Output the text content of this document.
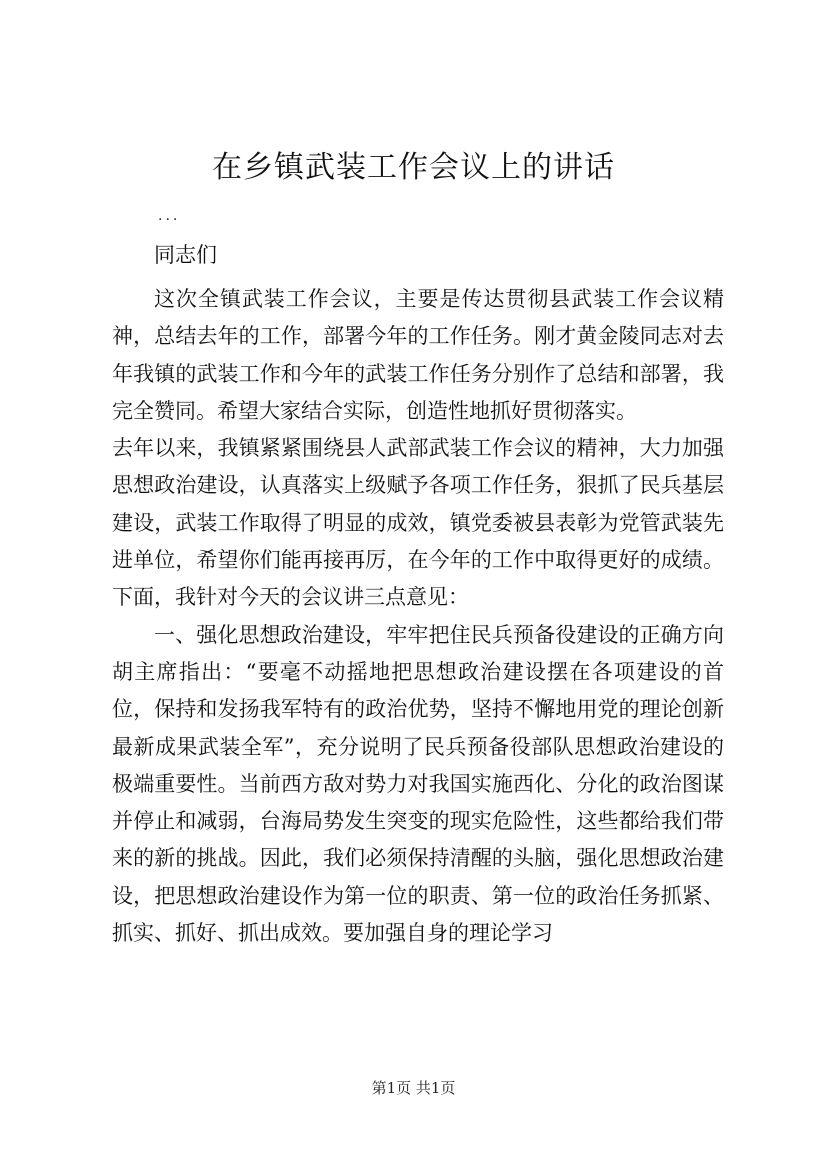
在乡镇武装工作会议上的讲话
...
同志们

这次全镇武装工作会议，主要是传达贯彻县武装工作会议精神，总结去年的工作，部署今年的工作任务。刚才黄金陵同志对去年我镇的武装工作和今年的武装工作任务分别作了总结和部署，我完全赞同。希望大家结合实际，创造性地抓好贯彻落实。

去年以来，我镇紧紧围绕县人武部武装工作会议的精神，大力加强思想政治建设，认真落实上级赋予各项工作任务，狠抓了民兵基层建设，武装工作取得了明显的成效，镇党委被县表彰为党管武装先进单位，希望你们能再接再厉，在今年的工作中取得更好的成绩。下面，我针对今天的会议讲三点意见：

一、强化思想政治建设，牢牢把住民兵预备役建设的正确方向胡主席指出：“要毫不动摇地把思想政治建设摆在各项建设的首位，保持和发扬我军特有的政治优势，坚持不懈地用党的理论创新最新成果武装全军”，充分说明了民兵预备役部队思想政治建设的极端重要性。当前西方敌对势力对我国实施西化、分化的政治图谋并停止和减弱，台海局势发生突变的现实危险性，这些都给我们带来的新的挑战。因此，我们必须保持清醒的头脑，强化思想政治建设，把思想政治建设作为第一位的职责、第一位的政治任务抓紧、抓实、抓好、抓出成效。要加强自身的理论学习

第1页 共1页
